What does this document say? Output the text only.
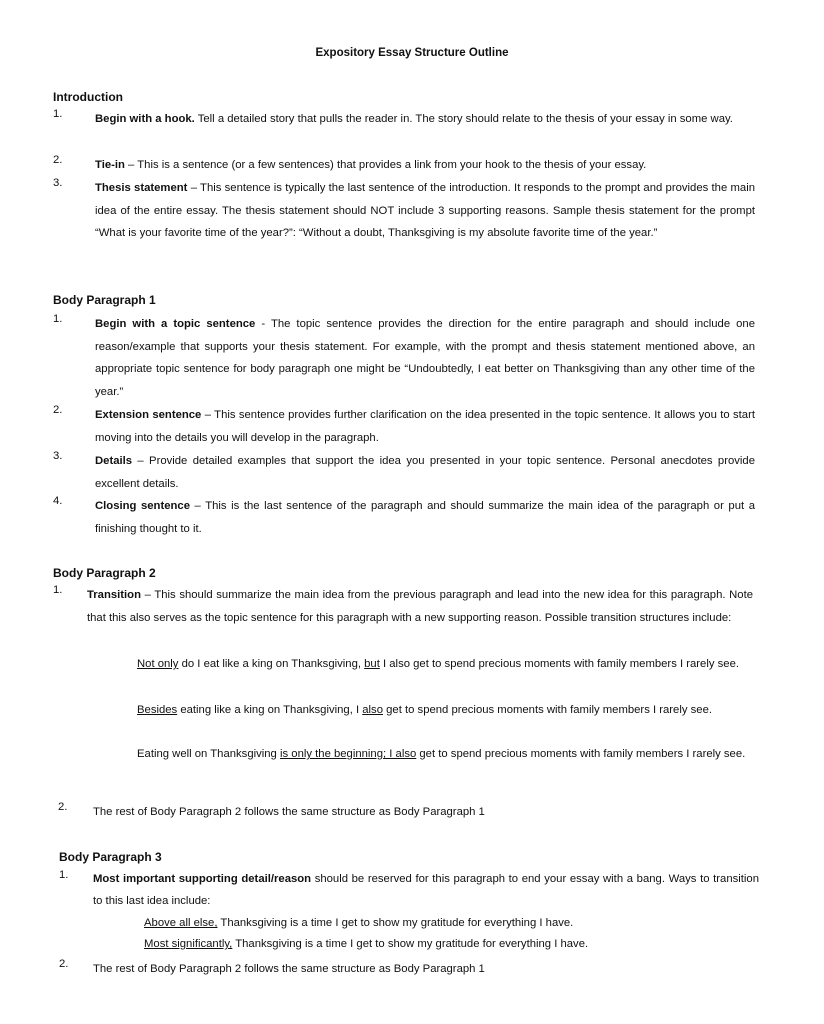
Expository Essay Structure Outline
Introduction
1.	Begin with a hook. Tell a detailed story that pulls the reader in. The story should relate to the thesis of your essay in some way.
2.	Tie-in – This is a sentence (or a few sentences) that provides a link from your hook to the thesis of your essay.
3.	Thesis statement – This sentence is typically the last sentence of the introduction. It responds to the prompt and provides the main idea of the entire essay. The thesis statement should NOT include 3 supporting reasons. Sample thesis statement for the prompt “What is your favorite time of the year?”: “Without a doubt, Thanksgiving is my absolute favorite time of the year.”
Body Paragraph 1
1.	Begin with a topic sentence - The topic sentence provides the direction for the entire paragraph and should include one reason/example that supports your thesis statement. For example, with the prompt and thesis statement mentioned above, an appropriate topic sentence for body paragraph one might be “Undoubtedly, I eat better on Thanksgiving than any other time of the year.”
2.	Extension sentence – This sentence provides further clarification on the idea presented in the topic sentence. It allows you to start moving into the details you will develop in the paragraph.
3.	Details – Provide detailed examples that support the idea you presented in your topic sentence. Personal anecdotes provide excellent details.
4.	Closing sentence – This is the last sentence of the paragraph and should summarize the main idea of the paragraph or put a finishing thought to it.
Body Paragraph 2
1. Transition – This should summarize the main idea from the previous paragraph and lead into the new idea for this paragraph. Note that this also serves as the topic sentence for this paragraph with a new supporting reason. Possible transition structures include:
Not only do I eat like a king on Thanksgiving, but I also get to spend precious moments with family members I rarely see.
Besides eating like a king on Thanksgiving, I also get to spend precious moments with family members I rarely see.
Eating well on Thanksgiving is only the beginning; I also get to spend precious moments with family members I rarely see.
2. The rest of Body Paragraph 2 follows the same structure as Body Paragraph 1
Body Paragraph 3
1. Most important supporting detail/reason should be reserved for this paragraph to end your essay with a bang. Ways to transition to this last idea include:
Above all else, Thanksgiving is a time I get to show my gratitude for everything I have.
Most significantly, Thanksgiving is a time I get to show my gratitude for everything I have.
2. The rest of Body Paragraph 2 follows the same structure as Body Paragraph 1
